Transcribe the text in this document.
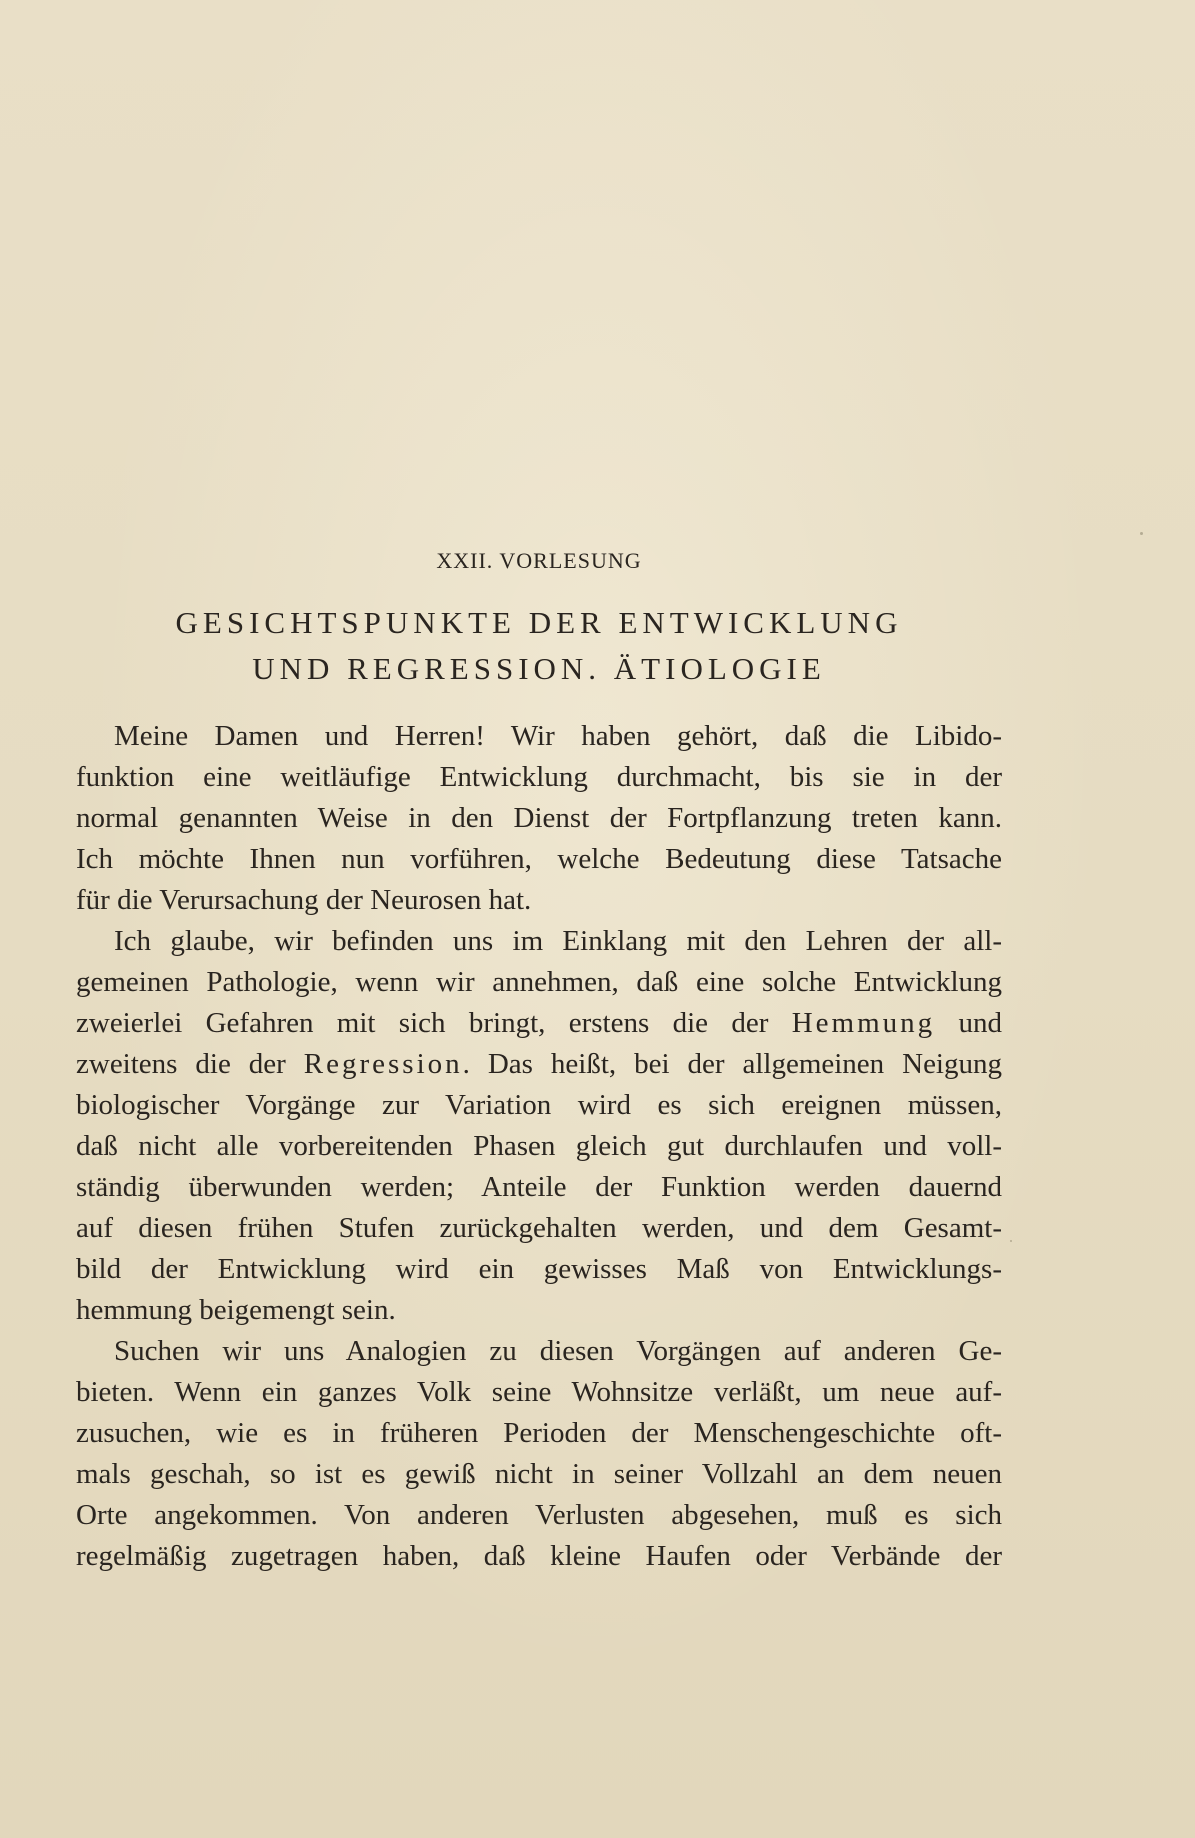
XXII. VORLESUNG
GESICHTSPUNKTE DER ENTWICKLUNG
UND REGRESSION. ÄTIOLOGIE
Meine Damen und Herren! Wir haben gehört, daß die Libido-
funktion eine weitläufige Entwicklung durchmacht, bis sie in der
normal genannten Weise in den Dienst der Fortpflanzung treten kann.
Ich möchte Ihnen nun vorführen, welche Bedeutung diese Tatsache
für die Verursachung der Neurosen hat.
Ich glaube, wir befinden uns im Einklang mit den Lehren der all-
gemeinen Pathologie, wenn wir annehmen, daß eine solche Entwicklung
zweierlei Gefahren mit sich bringt, erstens die der Hemmung und
zweitens die der Regression. Das heißt, bei der allgemeinen Neigung
biologischer Vorgänge zur Variation wird es sich ereignen müssen,
daß nicht alle vorbereitenden Phasen gleich gut durchlaufen und voll-
ständig überwunden werden; Anteile der Funktion werden dauernd
auf diesen frühen Stufen zurückgehalten werden, und dem Gesamt-
bild der Entwicklung wird ein gewisses Maß von Entwicklungs-
hemmung beigemengt sein.
Suchen wir uns Analogien zu diesen Vorgängen auf anderen Ge-
bieten. Wenn ein ganzes Volk seine Wohnsitze verläßt, um neue auf-
zusuchen, wie es in früheren Perioden der Menschengeschichte oft-
mals geschah, so ist es gewiß nicht in seiner Vollzahl an dem neuen
Orte angekommen. Von anderen Verlusten abgesehen, muß es sich
regelmäßig zugetragen haben, daß kleine Haufen oder Verbände der
